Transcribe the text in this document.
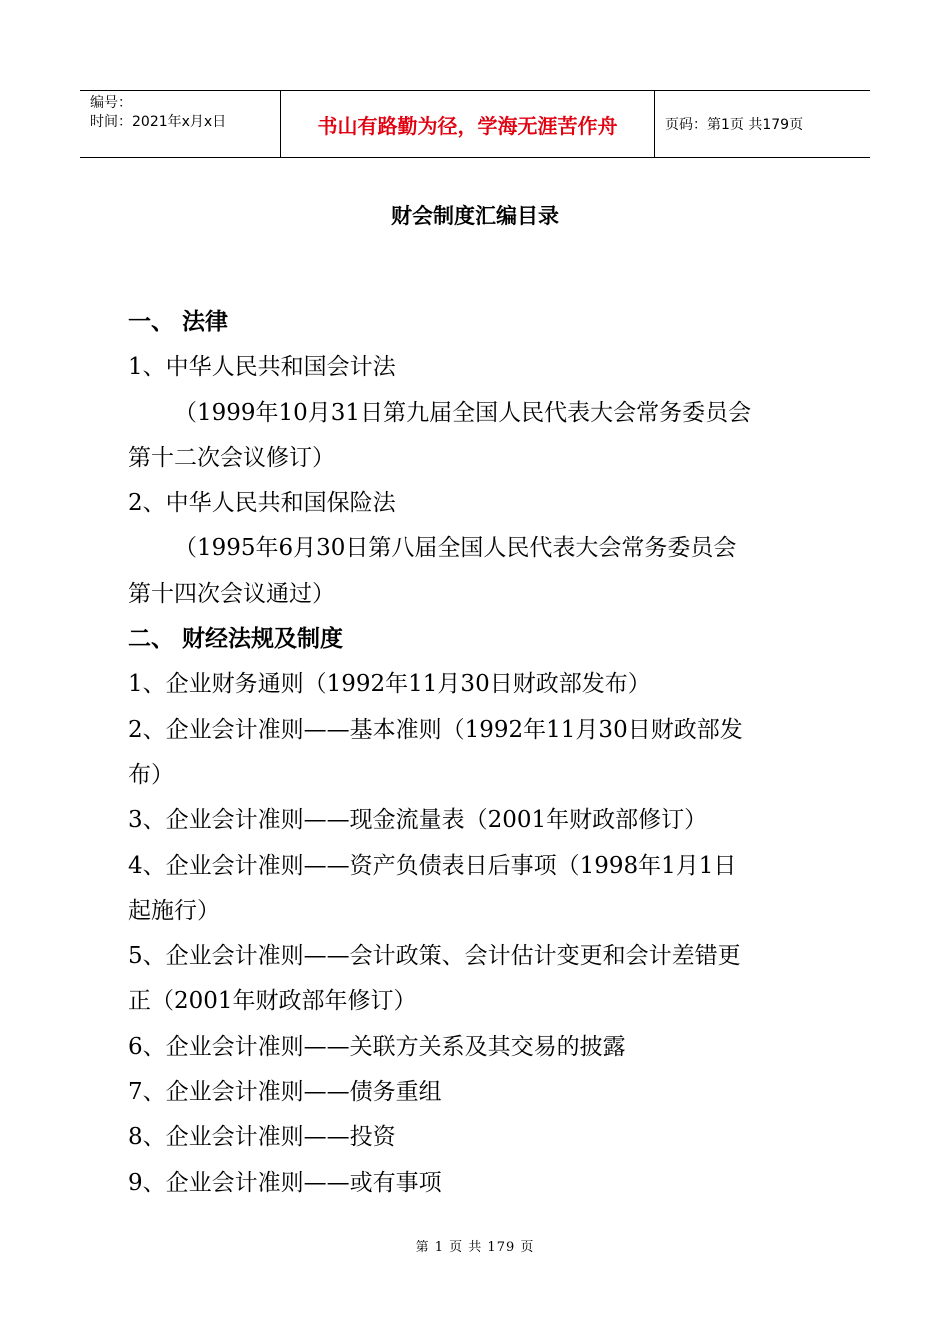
编号：
时间：2021年x月x日	书山有路勤为径，学海无涯苦作舟	页码：第1页 共179页
财会制度汇编目录
一、 法律
1、中华人民共和国会计法
（1999年10月31日第九届全国人民代表大会常务委员会
第十二次会议修订）
2、中华人民共和国保险法
（1995年6月30日第八届全国人民代表大会常务委员会
第十四次会议通过）
二、 财经法规及制度
1、企业财务通则（1992年11月30日财政部发布）
2、企业会计准则——基本准则（1992年11月30日财政部发
布）
3、企业会计准则——现金流量表（2001年财政部修订）
4、企业会计准则——资产负债表日后事项（1998年1月1日
起施行）
5、企业会计准则——会计政策、会计估计变更和会计差错更
正（2001年财政部年修订）
6、企业会计准则——关联方关系及其交易的披露
7、企业会计准则——债务重组
8、企业会计准则——投资
9、企业会计准则——或有事项
第 1 页 共 179 页
